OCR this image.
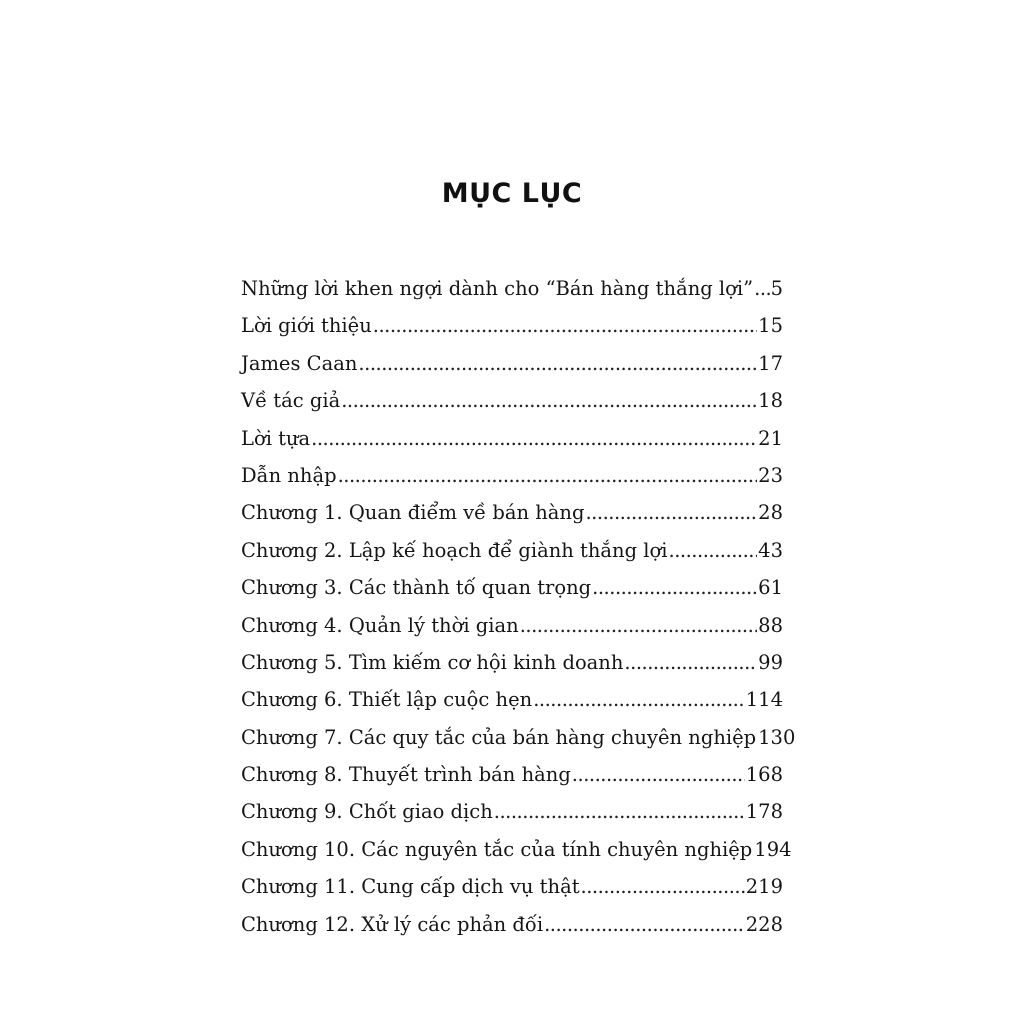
MỤC LỤC
Những lời khen ngợi dành cho “Bán hàng thắng lợi” ..... 5
Lời giới thiệu .....	15
James Caan .....	17
Về tác giả .....	18
Lời tựa .....	21
Dẫn nhập .....	23
Chương 1. Quan điểm về bán hàng .....	28
Chương 2. Lập kế hoạch để giành thắng lợi .....	43
Chương 3. Các thành tố quan trọng .....	61
Chương 4. Quản lý thời gian .....	88
Chương 5. Tìm kiếm cơ hội kinh doanh .....	99
Chương 6. Thiết lập cuộc hẹn .....	114
Chương 7. Các quy tắc của bán hàng chuyên nghiệp 130
Chương 8. Thuyết trình bán hàng .....	168
Chương 9. Chốt giao dịch .....	178
Chương 10. Các nguyên tắc của tính chuyên nghiệp 194
Chương 11. Cung cấp dịch vụ thật .....	219
Chương 12. Xử lý các phản đối .....	228
